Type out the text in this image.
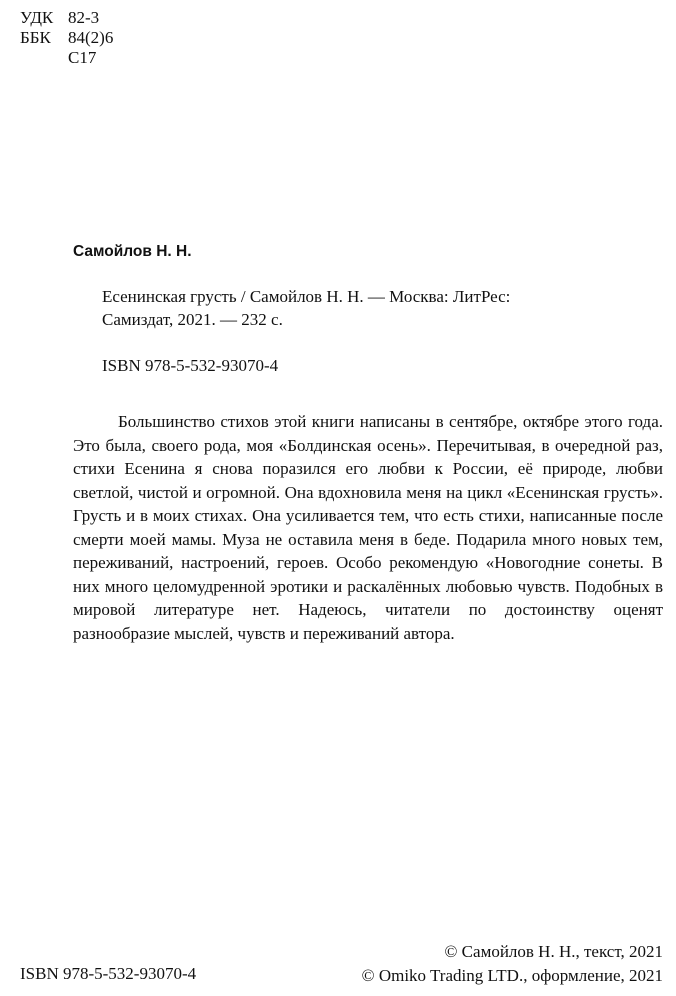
УДК 82-3
ББК	84(2)6
С17
Самойлов Н. Н.
Есенинская грусть / Самойлов Н. Н. — Москва: ЛитРес:
Самиздат, 2021. — 232 с.
ISBN 978-5-532-93070-4

Большинство стихов этой книги написаны в сентябре, октябре этого года. Это была, своего рода, моя «Болдинская осень». Перечитывая, в очередной раз, стихи Есенина я снова поразился его любви к России, её природе, любви светлой, чистой и огромной. Она вдохновила меня на цикл «Есенинская грусть». Грусть и в моих стихах. Она усиливается тем, что есть стихи, написанные после смерти моей мамы. Муза не оставила меня в беде. Подарила много новых тем, переживаний, настроений, героев. Особо рекомендую «Новогодние сонеты. В них много целомудренной эротики и раскалённых любовью чувств. Подобных в мировой литературе нет. Надеюсь, читатели по достоинству оценят разнообразие мыслей, чувств и переживаний автора.

ISBN 978-5-532-93070-4
© Самойлов Н. Н., текст, 2021
© Omiko Trading LTD., оформление, 2021
